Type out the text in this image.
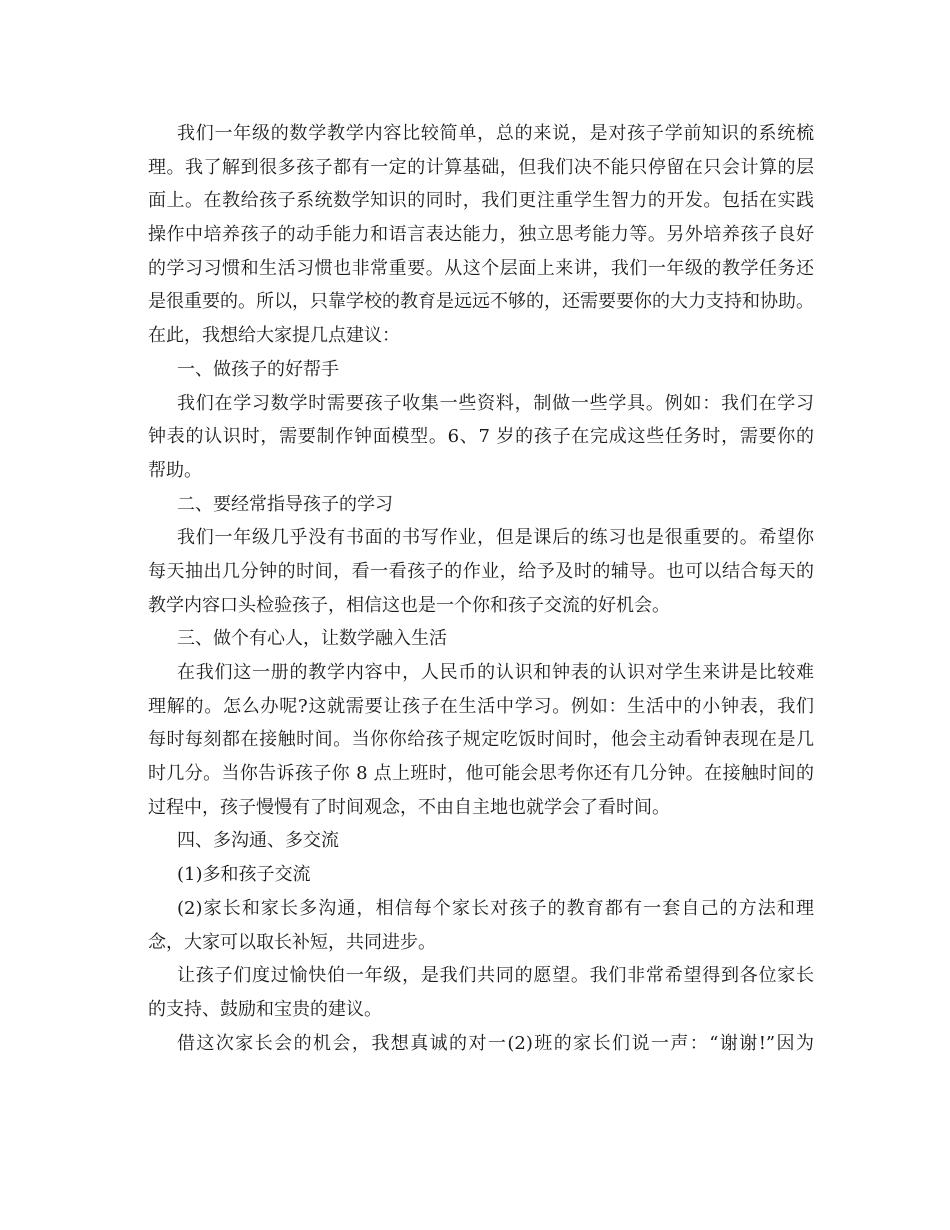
我们一年级的数学教学内容比较简单，总的来说，是对孩子学前知识的系统梳
理。我了解到很多孩子都有一定的计算基础，但我们决不能只停留在只会计算的层
面上。在教给孩子系统数学知识的同时，我们更注重学生智力的开发。包括在实践
操作中培养孩子的动手能力和语言表达能力，独立思考能力等。另外培养孩子良好
的学习习惯和生活习惯也非常重要。从这个层面上来讲，我们一年级的教学任务还
是很重要的。所以，只靠学校的教育是远远不够的，还需要要你的大力支持和协助。
在此，我想给大家提几点建议：
一、做孩子的好帮手
我们在学习数学时需要孩子收集一些资料，制做一些学具。例如：我们在学习
钟表的认识时，需要制作钟面模型。6、7 岁的孩子在完成这些任务时，需要你的
帮助。
二、要经常指导孩子的学习
我们一年级几乎没有书面的书写作业，但是课后的练习也是很重要的。希望你
每天抽出几分钟的时间，看一看孩子的作业，给予及时的辅导。也可以结合每天的
教学内容口头检验孩子，相信这也是一个你和孩子交流的好机会。
三、做个有心人，让数学融入生活
在我们这一册的教学内容中，人民币的认识和钟表的认识对学生来讲是比较难
理解的。怎么办呢?这就需要让孩子在生活中学习。例如：生活中的小钟表，我们
每时每刻都在接触时间。当你你给孩子规定吃饭时间时，他会主动看钟表现在是几
时几分。当你告诉孩子你 8 点上班时，他可能会思考你还有几分钟。在接触时间的
过程中，孩子慢慢有了时间观念，不由自主地也就学会了看时间。
四、多沟通、多交流
(1)多和孩子交流
(2)家长和家长多沟通，相信每个家长对孩子的教育都有一套自己的方法和理
念，大家可以取长补短，共同进步。
让孩子们度过愉快伯一年级，是我们共同的愿望。我们非常希望得到各位家长
的支持、鼓励和宝贵的建议。
借这次家长会的机会，我想真诚的对一(2)班的家长们说一声：“谢谢!”因为
